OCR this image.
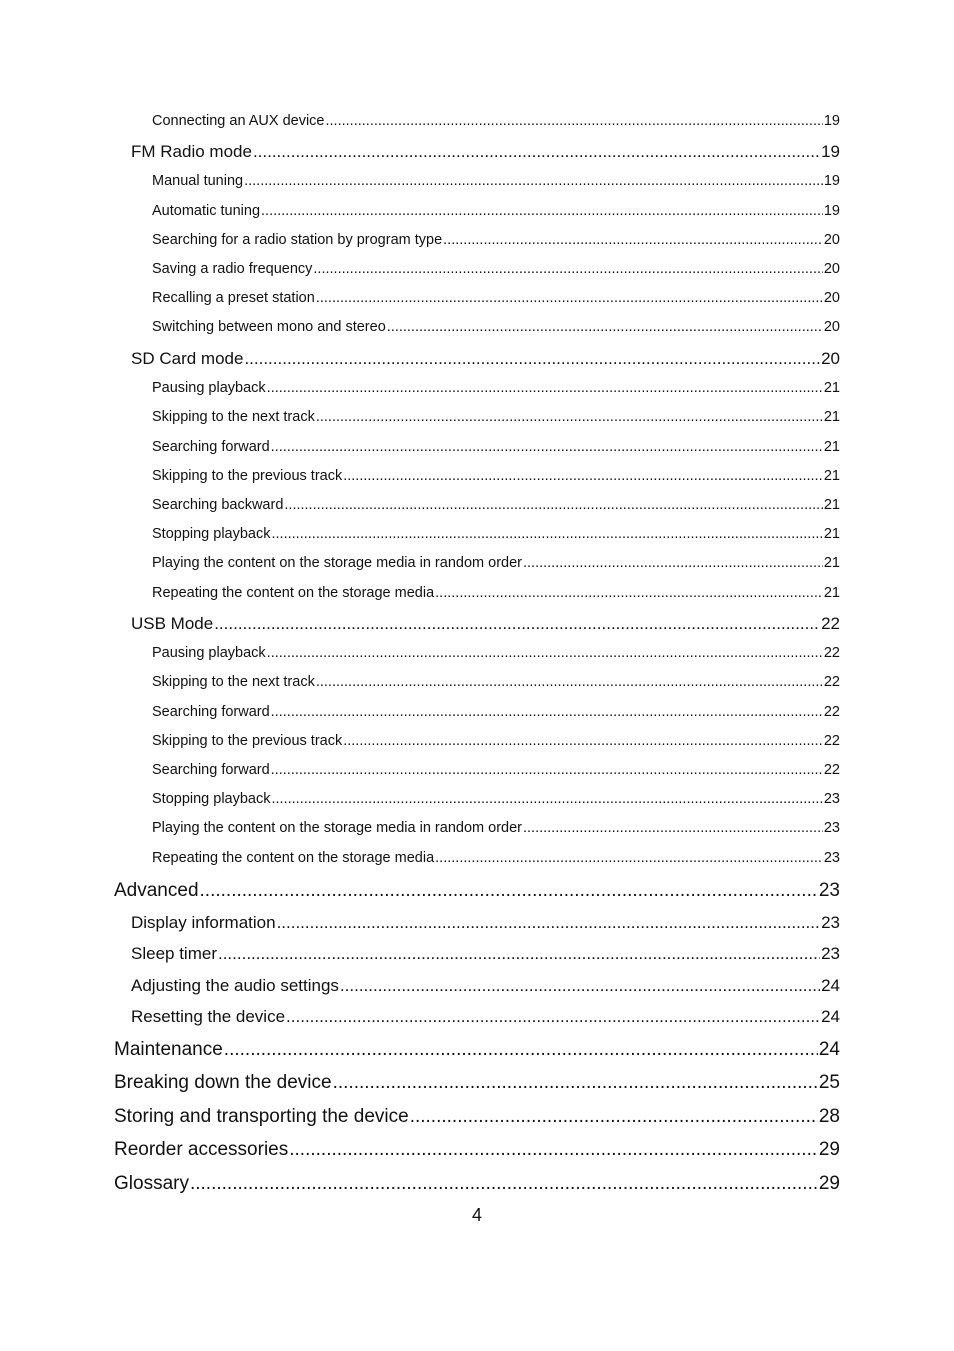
Connecting an AUX device .....	19
FM Radio mode .....	19
Manual tuning .....	19
Automatic tuning .....	19
Searching for a radio station by program type .....	20
Saving a radio frequency .....	20
Recalling a preset station .....	20
Switching between mono and stereo .....	20
SD Card mode .....	20
Pausing playback .....	21
Skipping to the next track .....	21
Searching forward .....	21
Skipping to the previous track .....	21
Searching backward .....	21
Stopping playback .....	21
Playing the content on the storage media in random order .....	21
Repeating the content on the storage media .....	21
USB Mode .....	22
Pausing playback .....	22
Skipping to the next track .....	22
Searching forward .....	22
Skipping to the previous track .....	22
Searching forward .....	22
Stopping playback .....	23
Playing the content on the storage media in random order .....	23
Repeating the content on the storage media .....	23
Advanced .....	23
Display information .....	23
Sleep timer .....	23
Adjusting the audio settings .....	24
Resetting the device .....	24
Maintenance .....	24
Breaking down the device .....	25
Storing and transporting the device .....	28
Reorder accessories .....	29
Glossary .....	29
4
